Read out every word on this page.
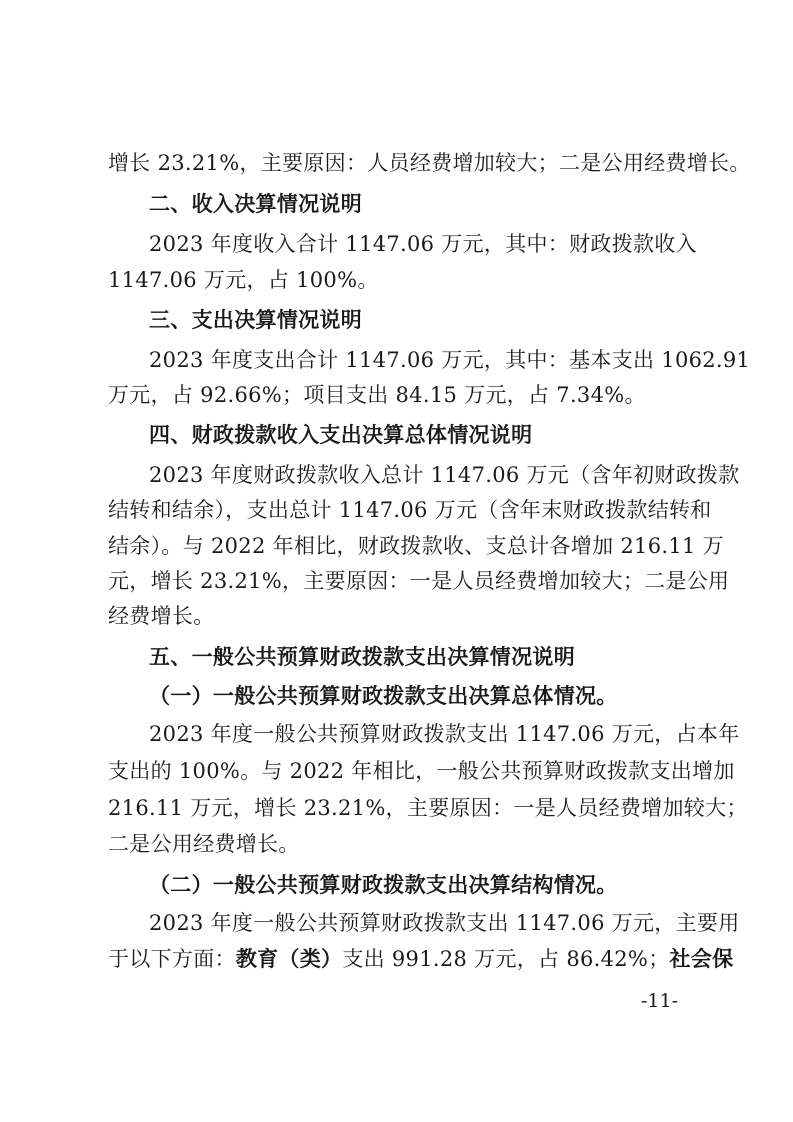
增长 23.21%，主要原因：人员经费增加较大；二是公用经费增长。
二、收入决算情况说明
2023 年度收入合计 1147.06 万元，其中：财政拨款收入
1147.06 万元，占 100%。
三、支出决算情况说明
2023 年度支出合计 1147.06 万元，其中：基本支出 1062.91
万元，占 92.66%；项目支出 84.15 万元，占 7.34%。
四、财政拨款收入支出决算总体情况说明
2023 年度财政拨款收入总计 1147.06 万元（含年初财政拨款
结转和结余），支出总计 1147.06 万元（含年末财政拨款结转和
结余）。与 2022 年相比，财政拨款收、支总计各增加 216.11 万
元，增长 23.21%，主要原因：一是人员经费增加较大；二是公用
经费增长。
五、一般公共预算财政拨款支出决算情况说明
（一）一般公共预算财政拨款支出决算总体情况。
2023 年度一般公共预算财政拨款支出 1147.06 万元，占本年
支出的 100%。与 2022 年相比，一般公共预算财政拨款支出增加
216.11 万元，增长 23.21%，主要原因：一是人员经费增加较大；
二是公用经费增长。
（二）一般公共预算财政拨款支出决算结构情况。
2023 年度一般公共预算财政拨款支出 1147.06 万元，主要用
于以下方面： 教育（类） 支出 991.28 万元，占 86.42%； 社会保
-11-
